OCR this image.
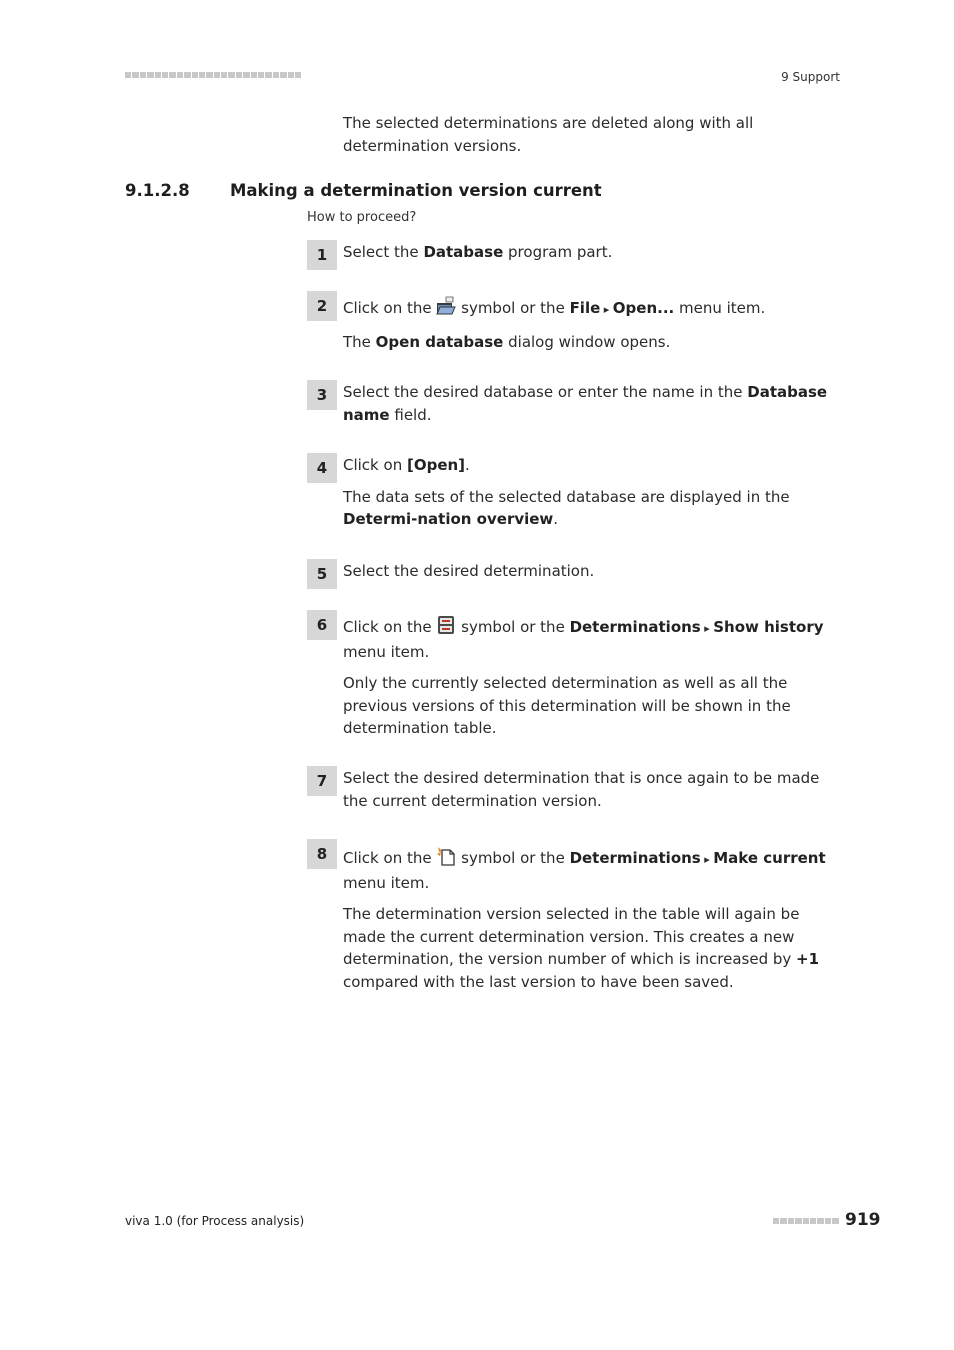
9 Support
The selected determinations are deleted along with all determination versions.
9.1.2.8 Making a determination version current
How to proceed?
1	Select the Database program part.

2	Click on the  symbol or the File ▸ Open... menu item.

The Open database dialog window opens.

3	Select the desired database or enter the name in the Database name field.

4	Click on [Open].

The data sets of the selected database are displayed in the Determi-nation overview.

5	Select the desired determination.

6	Click on the  symbol or the Determinations ▸ Show history menu item.

Only the currently selected determination as well as all the previous versions of this determination will be shown in the determination table.

7	Select the desired determination that is once again to be made the current determination version.

8	Click on the  symbol or the Determinations ▸ Make current menu item.

The determination version selected in the table will again be made the current determination version. This creates a new determination, the version number of which is increased by +1 compared with the last version to have been saved.

viva 1.0 (for Process analysis)	919
